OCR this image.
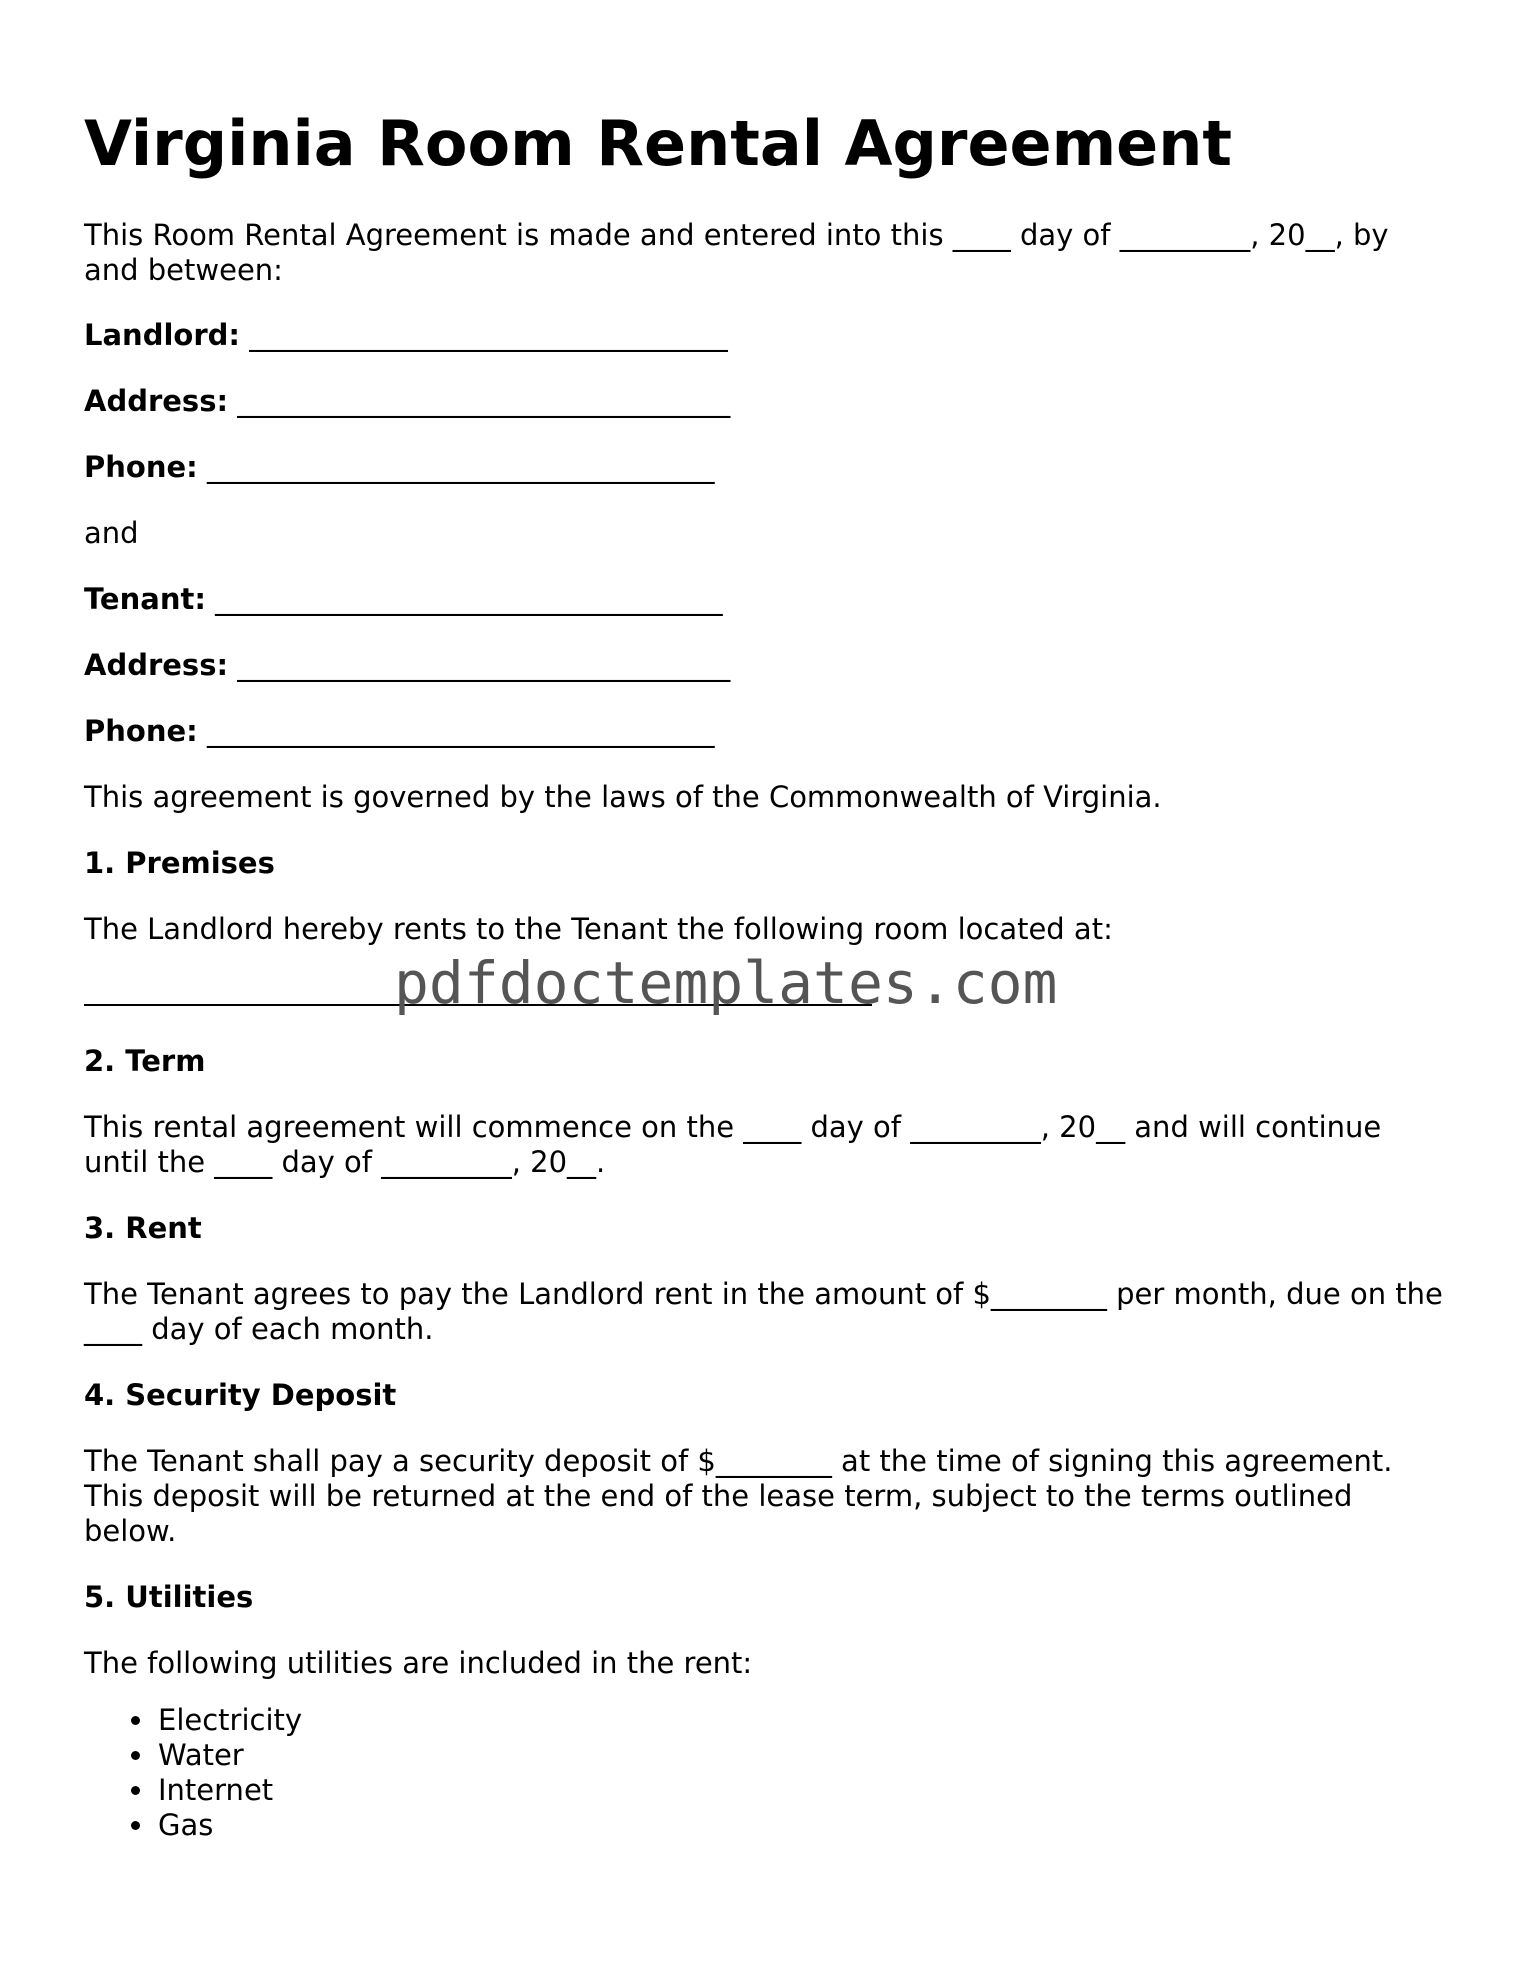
Virginia Room Rental Agreement

This Room Rental Agreement is made and entered into this ____ day of _________, 20__, by and between:

Landlord: _________________________________

Address: __________________________________

Phone: ___________________________________

and

Tenant: ___________________________________

Address: __________________________________

Phone: ___________________________________

This agreement is governed by the laws of the Commonwealth of Virginia.

1. Premises

The Landlord hereby rents to the Tenant the following room located at:

pdfdoctemplates.com

2. Term

This rental agreement will commence on the ____ day of _________, 20__ and will continue until the ____ day of _________, 20__.

3. Rent

The Tenant agrees to pay the Landlord rent in the amount of $________ per month, due on the ____ day of each month.

4. Security Deposit

The Tenant shall pay a security deposit of $________ at the time of signing this agreement. This deposit will be returned at the end of the lease term, subject to the terms outlined below.

5. Utilities

The following utilities are included in the rent:

Electricity
Water
Internet
Gas
